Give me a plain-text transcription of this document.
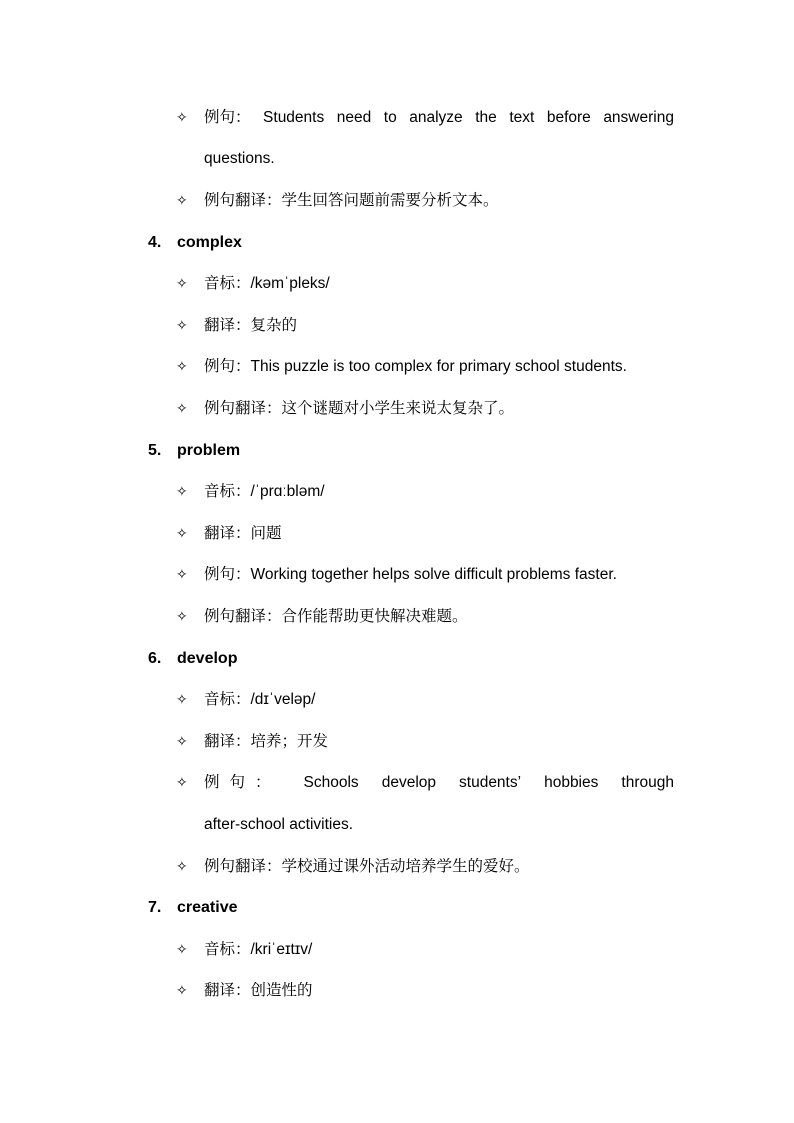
✧ 例句： Students need to analyze the text before answering
questions.
✧ 例句翻译：学生回答问题前需要分析文本。
4. complex
✧ 音标：/kəmˈpleks/
✧ 翻译：复杂的
✧ 例句：This puzzle is too complex for primary school students.
✧ 例句翻译：这个谜题对小学生来说太复杂了。
5. problem
✧ 音标：/ˈprɑːbləm/
✧ 翻译：问题
✧ 例句：Working together helps solve difficult problems faster.
✧ 例句翻译：合作能帮助更快解决难题。
6. develop
✧ 音标：/dɪˈveləp/
✧ 翻译：培养；开发
✧ 例句： Schools develop students’ hobbies through
after-school activities.
✧ 例句翻译：学校通过课外活动培养学生的爱好。
7. creative
✧ 音标：/kriˈeɪtɪv/
✧ 翻译：创造性的
